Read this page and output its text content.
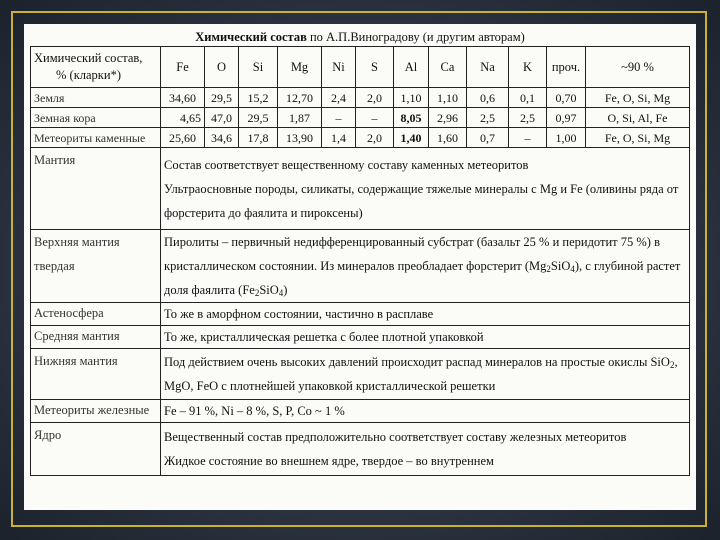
Химический состав по А.П.Виноградову (и другим авторам)
Химический состав,
% (кларки*)	Fe	O	Si	Mg	Ni	S	Al	Ca	Na	K	проч.	~90 %
Земля	34,60	29,5	15,2	12,70	2,4	2,0	1,10	1,10	0,6	0,1	0,70	Fe, O, Si, Mg
Земная кора	4,65	47,0	29,5	1,87	–	–	8,05	2,96	2,5	2,5	0,97	O, Si, Al, Fe
Метеориты каменные	25,60	34,6	17,8	13,90	1,4	2,0	1,40	1,60	0,7	–	1,00	Fe, O, Si, Mg
Мантия	Состав соответствует вещественному составу каменных метеоритов
Ультраосновные породы, силикаты, содержащие тяжелые минералы с Mg и Fe (оливины ряда от форстерита до фаялита и пироксены)											
Верхняя мантия
твердая	Пиролиты – первичный недифференцированный субстрат (базальт 25 % и перидотит 75 %) в кристаллическом состоянии. Из минералов преобладает форстерит $(Mg_2SiO_4)$, с глубиной растет доля фаялита $(Fe_2SiO_4)$											
Астеносфера	То же в аморфном состоянии, частично в расплаве											
Средняя мантия	То же, кристаллическая решетка с более плотной упаковкой											
Нижняя мантия	Под действием очень высоких давлений происходит распад минералов на простые окислы SiO$_2$, MgO, FeO с плотнейшей упаковкой кристаллической решетки											
Метеориты железные	Fe – 91 %, Ni – 8 %, S, P, Co ~ 1 %											
Ядро	Вещественный состав предположительно соответствует составу железных метеоритов
Жидкое состояние во внешнем ядре, твердое – во внутреннем											
